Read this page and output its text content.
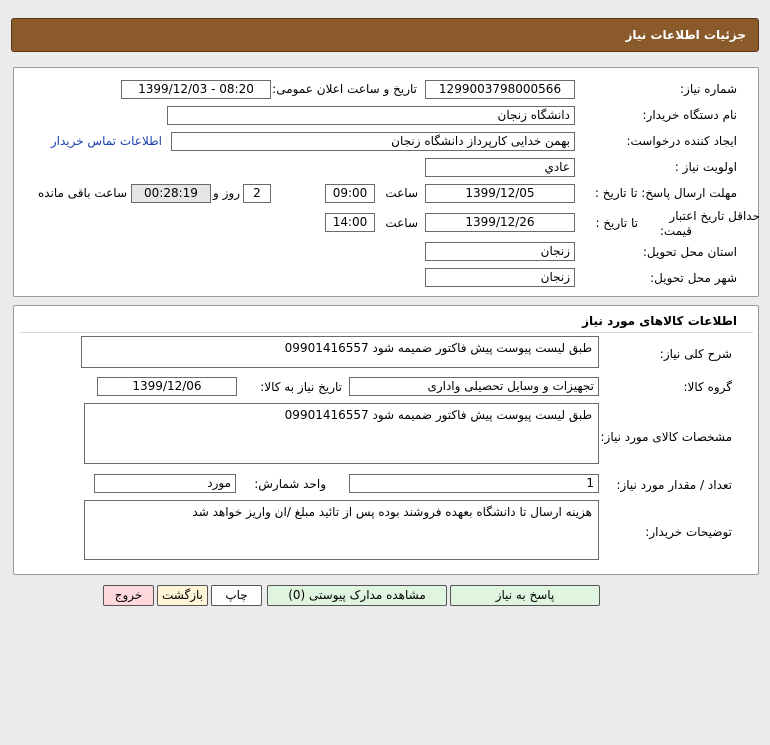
جزئیات اطلاعات نیاز
شماره نیاز:
1299003798000566
تاریخ و ساعت اعلان عمومی:
1399/12/03 - 08:20
نام دستگاه خریدار:
دانشگاه زنجان
ایجاد کننده درخواست:
بهمن خدایی کارپرداز دانشگاه زنجان
اطلاعات تماس خریدار
اولویت نیاز :
عادي
مهلت ارسال پاسخ: تا تاریخ :
1399/12/05
ساعت
09:00
2
روز و
00:28:19
ساعت باقی مانده
حداقل تاریخ اعتبار
قیمت:
تا تاریخ :
1399/12/26
ساعت
14:00
استان محل تحویل:
زنجان
شهر محل تحویل:
زنجان
اطلاعات کالاهای مورد نیاز
شرح کلی نیاز:
طبق لیست پیوست پیش فاکتور ضمیمه شود 09901416557
گروه کالا:
تجهیزات و وسایل تحصیلی واداری
تاریخ نیاز به کالا:
1399/12/06
مشخصات کالای مورد نیاز:
طبق لیست پیوست پیش فاکتور ضمیمه شود 09901416557
تعداد / مقدار مورد نیاز:
1
واحد شمارش:
مورد
توضیحات خریدار:
هزینه ارسال تا دانشگاه بعهده فروشند بوده پس از تائید مبلغ /ان واریز خواهد شد
پاسخ به نیاز
مشاهده مدارک پیوستی (0)
چاپ
بازگشت
خروج
